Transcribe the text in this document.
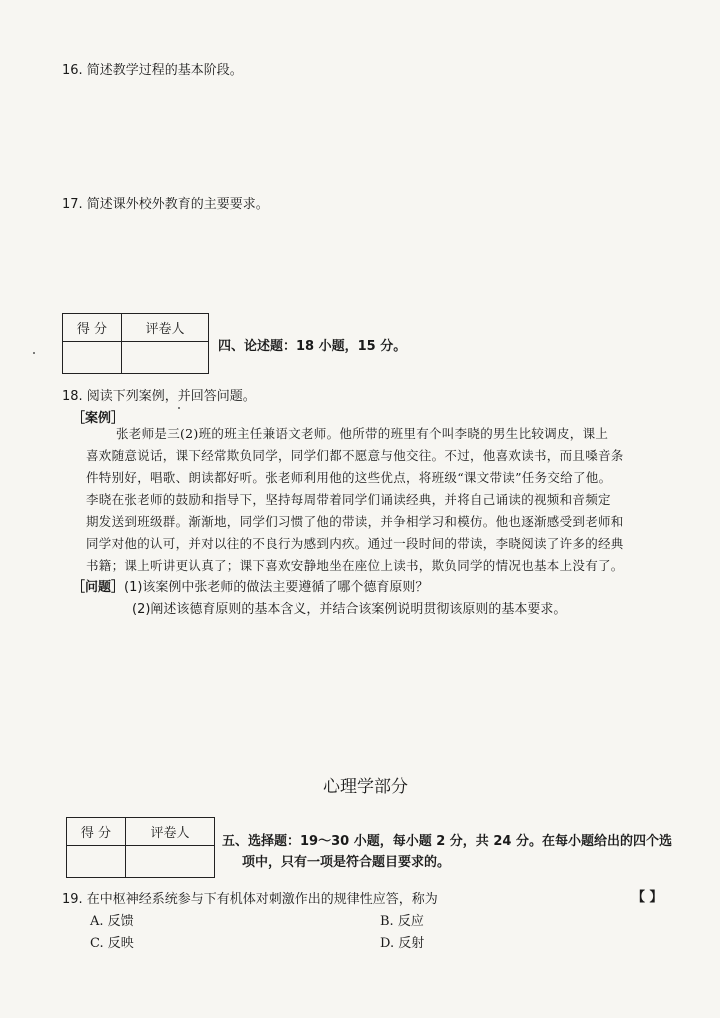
16. 简述教学过程的基本阶段。
17. 简述课外校外教育的主要要求。
得 分	评卷人

四、论述题：18 小题，15 分。
18. 阅读下列案例，并回答问题。
［案例］
张老师是三(2)班的班主任兼语文老师。他所带的班里有个叫李晓的男生比较调皮，课上
喜欢随意说话，课下经常欺负同学，同学们都不愿意与他交往。不过，他喜欢读书，而且嗓音条
件特别好，唱歌、朗读都好听。张老师利用他的这些优点，将班级“课文带读”任务交给了他。
李晓在张老师的鼓励和指导下，坚持每周带着同学们诵读经典，并将自己诵读的视频和音频定
期发送到班级群。渐渐地，同学们习惯了他的带读，并争相学习和模仿。他也逐渐感受到老师和
同学对他的认可，并对以往的不良行为感到内疚。通过一段时间的带读，李晓阅读了许多的经典
书籍；课上听讲更认真了；课下喜欢安静地坐在座位上读书，欺负同学的情况也基本上没有了。
［问题］(1)该案例中张老师的做法主要遵循了哪个德育原则？
(2)阐述该德育原则的基本含义，并结合该案例说明贯彻该原则的基本要求。
心理学部分
得 分	评卷人

五、选择题：19～30 小题，每小题 2 分，共 24 分。在每小题给出的四个选
项中，只有一项是符合题目要求的。
19. 在中枢神经系统参与下有机体对刺激作出的规律性应答，称为	【 】
A. 反馈	B. 反应
C. 反映	D. 反射
